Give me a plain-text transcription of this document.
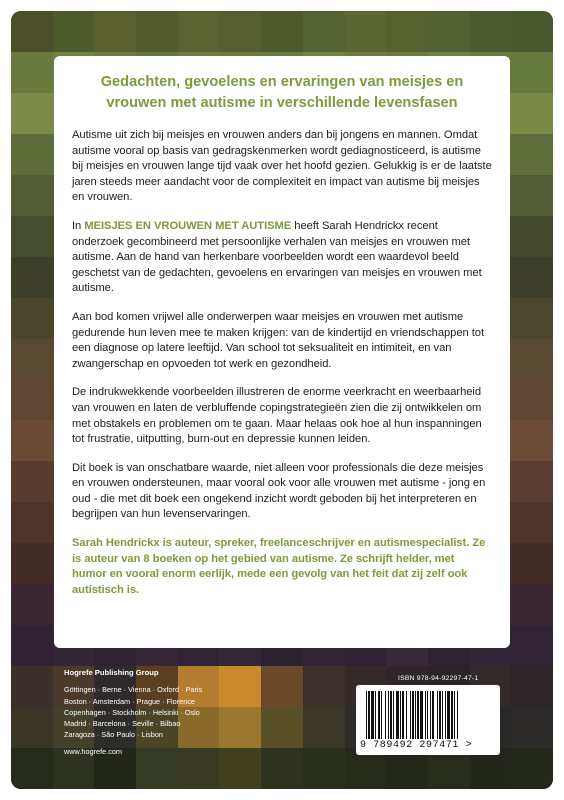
Gedachten, gevoelens en ervaringen van meisjes en vrouwen met autisme in verschillende levensfasen

Autisme uit zich bij meisjes en vrouwen anders dan bij jongens en mannen. Omdat autisme vooral op basis van gedragskenmerken wordt gediagnosticeerd, is autisme bij meisjes en vrouwen lange tijd vaak over het hoofd gezien. Gelukkig is er de laatste jaren steeds meer aandacht voor de complexiteit en impact van autisme bij meisjes en vrouwen.

In MEISJES EN VROUWEN MET AUTISME heeft Sarah Hendrickx recent onderzoek gecombineerd met persoonlijke verhalen van meisjes en vrouwen met autisme. Aan de hand van herkenbare voorbeelden wordt een waardevol beeld geschetst van de gedachten, gevoelens en ervaringen van meisjes en vrouwen met autisme.

Aan bod komen vrijwel alle onderwerpen waar meisjes en vrouwen met autisme gedurende hun leven mee te maken krijgen: van de kindertijd en vriendschappen tot een diagnose op latere leeftijd. Van school tot seksualiteit en intimiteit, en van zwangerschap en opvoeden tot werk en gezondheid.

De indrukwekkende voorbeelden illustreren de enorme veerkracht en weerbaarheid van vrouwen en laten de verbluffende copingstrategieën zien die zij ontwikkelen om met obstakels en problemen om te gaan. Maar helaas ook hoe al hun inspanningen tot frustratie, uitputting, burn-out en depressie kunnen leiden.

Dit boek is van onschatbare waarde, niet alleen voor professionals die deze meisjes en vrouwen ondersteunen, maar vooral ook voor alle vrouwen met autisme - jong en oud - die met dit boek een ongekend inzicht wordt geboden bij het interpreteren en begrijpen van hun levenservaringen.

Sarah Hendrickx is auteur, spreker, freelanceschrijver en autismespecialist. Ze is auteur van 8 boeken op het gebied van autisme. Ze schrijft helder, met humor en vooral enorm eerlijk, mede een gevolg van het feit dat zij zelf ook autistisch is.

Hogrefe Publishing Group
Göttingen · Berne · Vienna · Oxford · Paris
Boston · Amsterdam · Prague · Florence
Copenhagen · Stockholm · Helsinki · Oslo
Madrid · Barcelona · Seville · Bilbao
Zaragoza · São Paulo · Lisbon
www.hogrefe.com
ISBN 978-94-92297-47-1
9 789492 297471 >
